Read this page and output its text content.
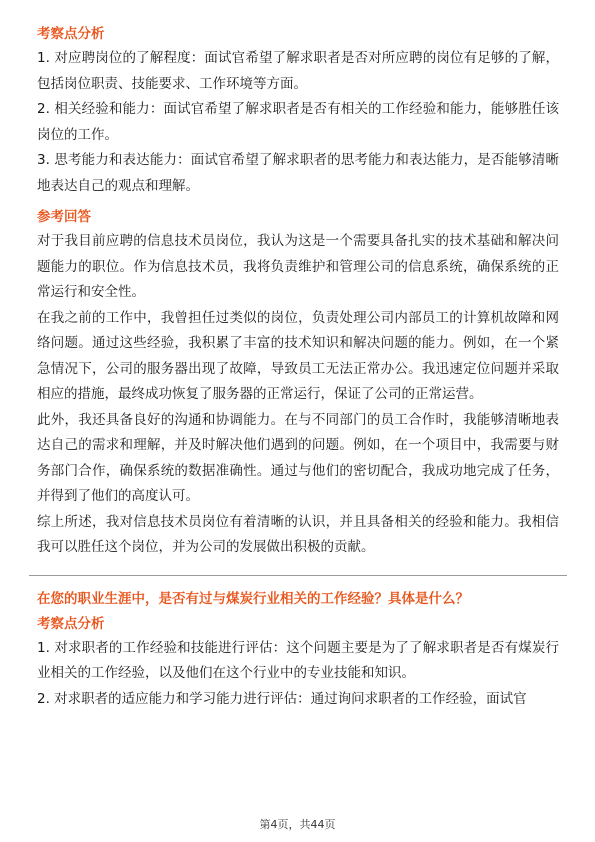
考察点分析

1. 对应聘岗位的了解程度：面试官希望了解求职者是否对所应聘的岗位有足够的了解，包括岗位职责、技能要求、工作环境等方面。

2. 相关经验和能力：面试官希望了解求职者是否有相关的工作经验和能力，能够胜任该岗位的工作。

3. 思考能力和表达能力：面试官希望了解求职者的思考能力和表达能力，是否能够清晰地表达自己的观点和理解。

参考回答

对于我目前应聘的信息技术员岗位，我认为这是一个需要具备扎实的技术基础和解决问题能力的职位。作为信息技术员，我将负责维护和管理公司的信息系统，确保系统的正常运行和安全性。

在我之前的工作中，我曾担任过类似的岗位，负责处理公司内部员工的计算机故障和网络问题。通过这些经验，我积累了丰富的技术知识和解决问题的能力。例如，在一个紧急情况下，公司的服务器出现了故障，导致员工无法正常办公。我迅速定位问题并采取相应的措施，最终成功恢复了服务器的正常运行，保证了公司的正常运营。

此外，我还具备良好的沟通和协调能力。在与不同部门的员工合作时，我能够清晰地表达自己的需求和理解，并及时解决他们遇到的问题。例如，在一个项目中，我需要与财务部门合作，确保系统的数据准确性。通过与他们的密切配合，我成功地完成了任务，并得到了他们的高度认可。

综上所述，我对信息技术员岗位有着清晰的认识，并且具备相关的经验和能力。我相信我可以胜任这个岗位，并为公司的发展做出积极的贡献。

在您的职业生涯中，是否有过与煤炭行业相关的工作经验？具体是什么？

考察点分析

1. 对求职者的工作经验和技能进行评估：这个问题主要是为了了解求职者是否有煤炭行业相关的工作经验，以及他们在这个行业中的专业技能和知识。

2. 对求职者的适应能力和学习能力进行评估：通过询问求职者的工作经验，面试官

第4页，共44页
